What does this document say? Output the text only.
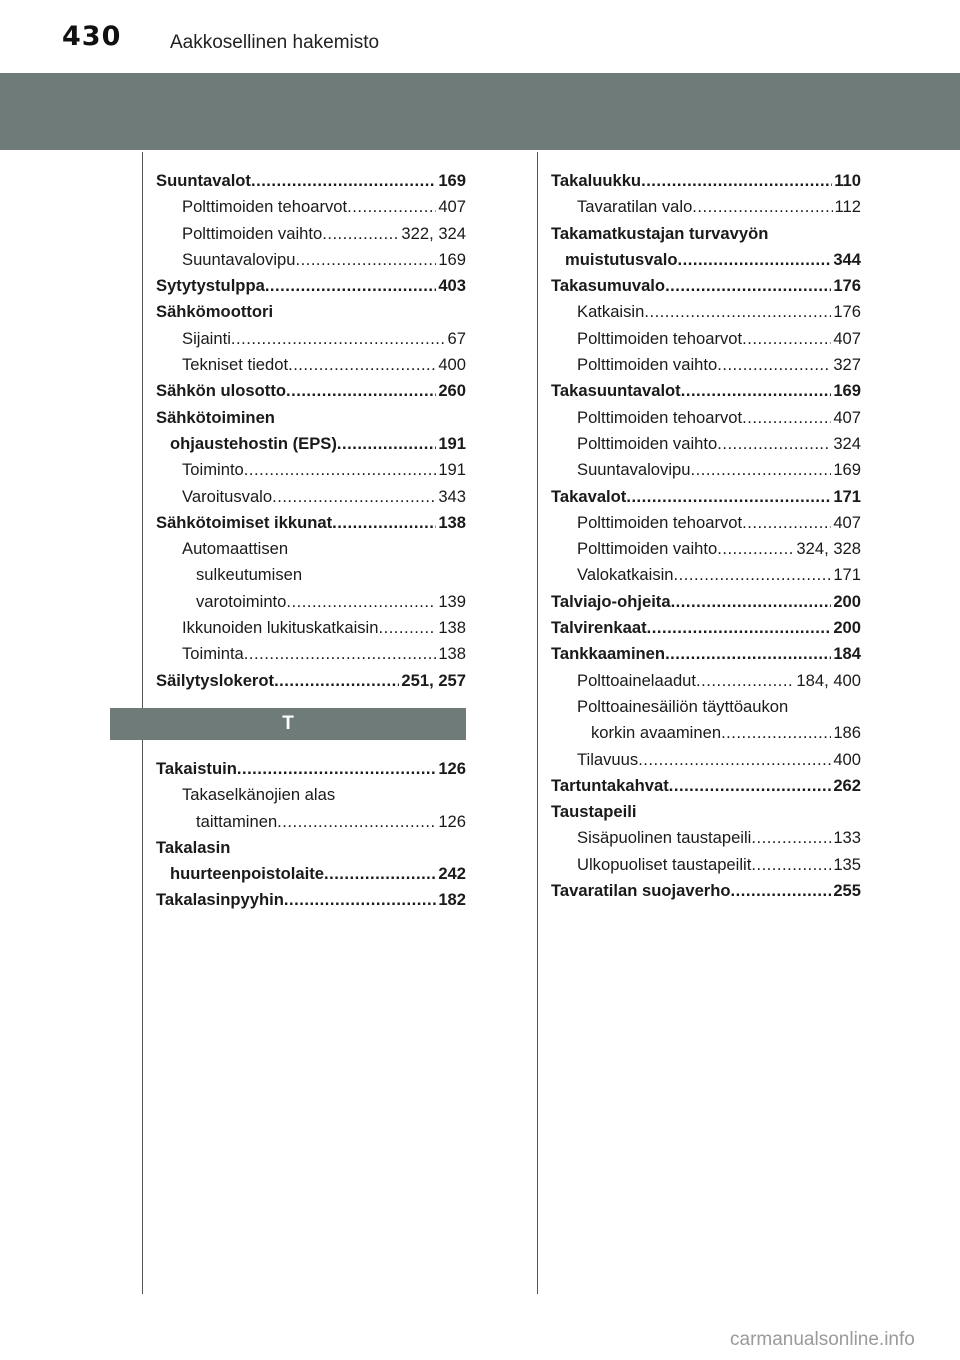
430	Aakkosellinen hakemisto
Suuntavalot .....	169
Polttimoiden tehoarvot .....	407
Polttimoiden vaihto .....	322, 324
Suuntavalovipu .....	169
Sytytystulppa .....	403
Sähkömoottori
Sijainti .....	67
Tekniset tiedot .....	400
Sähkön ulosotto .....	260
Sähkötoiminen
ohjaustehostin (EPS) .....	191
Toiminto .....	191
Varoitusvalo .....	343
Sähkötoimiset ikkunat .....	138
Automaattisen
sulkeutumisen
varotoiminto .....	139
Ikkunoiden lukituskatkaisin .....	138
Toiminta .....	138
Säilytyslokerot .....	251, 257
T
Takaistuin .....	126
Takaselkänojien alas
taittaminen .....	126
Takalasin
huurteenpoistolaite .....	242
Takalasinpyyhin .....	182
Takaluukku .....	110
Tavaratilan valo .....	112
Takamatkustajan turvavyön
muistutusvalo .....	344
Takasumuvalo .....	176
Katkaisin .....	176
Polttimoiden tehoarvot .....	407
Polttimoiden vaihto .....	327
Takasuuntavalot .....	169
Polttimoiden tehoarvot .....	407
Polttimoiden vaihto .....	324
Suuntavalovipu .....	169
Takavalot .....	171
Polttimoiden tehoarvot .....	407
Polttimoiden vaihto .....	324, 328
Valokatkaisin .....	171
Talviajo-ohjeita .....	200
Talvirenkaat .....	200
Tankkaaminen .....	184
Polttoainelaadut .....	184, 400
Polttoainesäiliön täyttöaukon
korkin avaaminen .....	186
Tilavuus .....	400
Tartuntakahvat .....	262
Taustapeili
Sisäpuolinen taustapeili .....	133
Ulkopuoliset taustapeilit .....	135
Tavaratilan suojaverho .....	255
carmanualsonline.info
